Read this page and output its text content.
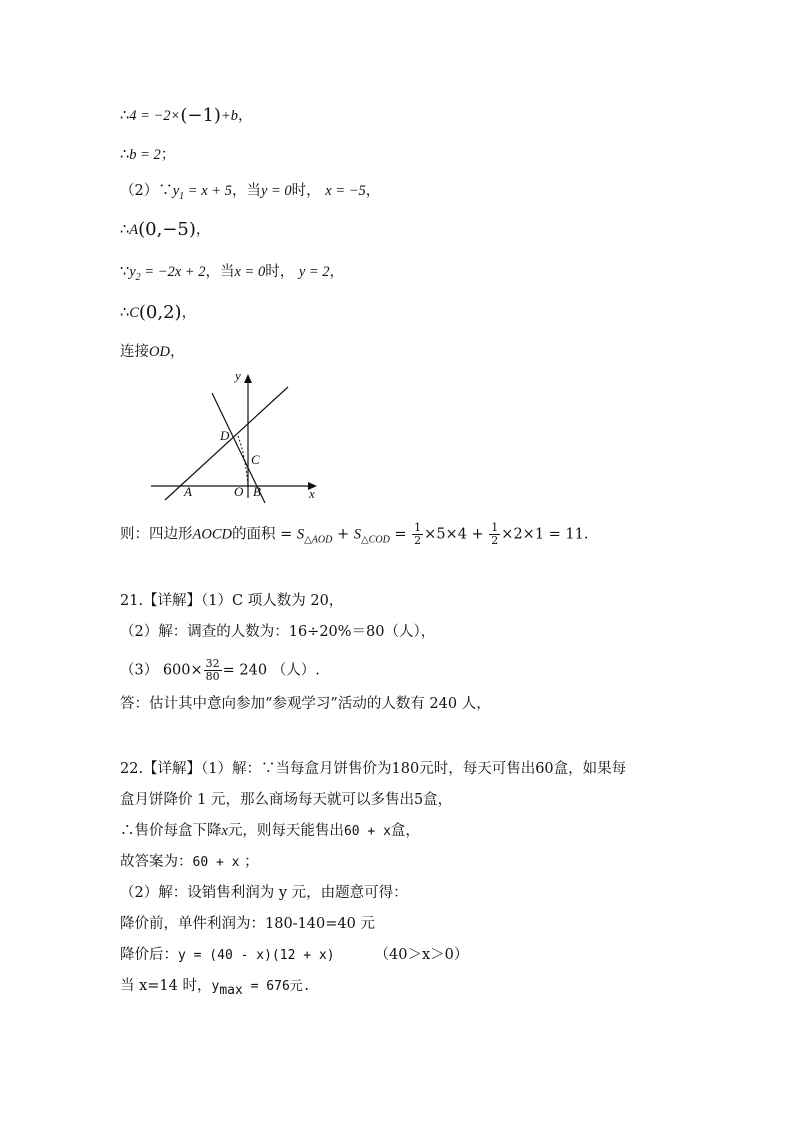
∴4 = −2×(−1)+b，
∴b = 2；
$(2)\because y_1 = x + 5$，当y = 0时， x = −5，
∴A(0,−5)，
$\because y_2 = -2x + 2$，当x = 0时， y = 2，
∴C(0,2)，
连接OD，
y
x
D
C
A	O B
则：四边形AOCD的面积 = $S_{\triangle AOD} + S_{\triangle COD} = \frac{1}{2} \times 5\times 4 + \frac{1}{2} \times 2\times 1 = 11$.
21.【详解】（1）C 项人数为 20，
（2）解：调查的人数为：16÷20%＝80（人），
（3） $600\times \frac{32}{80} = 240$ （人）.
答：估计其中意向参加“参观学习”活动的人数有 240 人，
22.【详解】（1）解：∵当每盒月饼售价为180元时，每天可售出60盒，如果每
盒月饼降价 1 元，那么商场每天就可以多售出5盒，
∴售价每盒下降x元，则每天能售出60 + x盒，
故答案为：60 + x ；
（2）解：设销售利润为 y 元，由题意可得：
降价前，单件利润为：180-140=40 元
降价后：y = (40 - x)(12 + x)	（40＞x＞0）
当 x=14 时，$y_{max} = 676$元.
